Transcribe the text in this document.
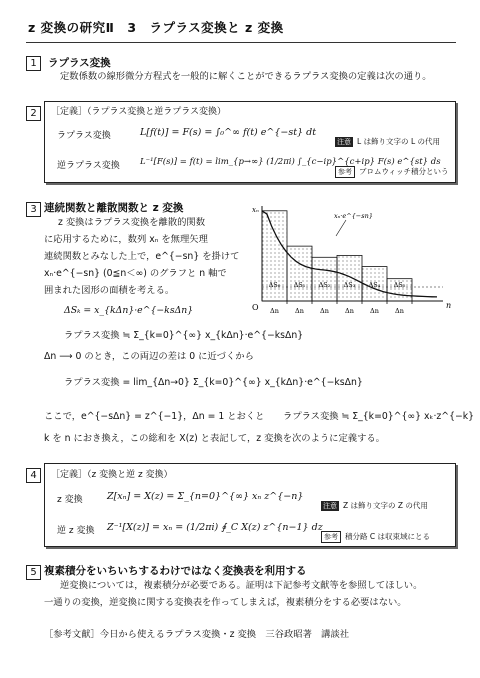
z 変換の研究Ⅱ　3　ラプラス変換と z 変換
1	ラプラス変換
定数係数の線形微分方程式を一般的に解くことができるラプラス変換の定義は次の通り。
2	［定義］（ラプラス変換と逆ラプラス変換）
ラプラス変換	L[f(t)] = F(s) = ∫₀^∞ f(t) e^{−st} dt
注意 L は飾り文字の L の代用
逆ラプラス変換 L⁻¹[F(s)] = f(t) = lim_{p→∞} (1/2πi) ∫_{c−ip}^{c+ip} F(s) e^{st} ds
参考 ブロムウィッチ積分という
3 連続関数と離散関数と z 変換
z 変換はラプラス変換を離散的関数
に応用するために，数列 xₙ を無理矢理
連続関数とみなした上で，e^{−sn} を掛けて
xₙ·e^{−sn} (0≦n＜∞) のグラフと n 軸で
囲まれた図形の面積を考える。
ΔSₖ = x_{kΔn}·e^{−ksΔn}
ラプラス変換 ≒ Σ_{k=0}^{∞} x_{kΔn}·e^{−ksΔn}
Δn ⟶ 0 のとき，この両辺の差は 0 に近づくから
ラプラス変換 = lim_{Δn→0} Σ_{k=0}^{∞} x_{kΔn}·e^{−ksΔn}
ここで，e^{−sΔn} = z^{−1}，Δn = 1 とおくと　　ラプラス変換 ≒ Σ_{k=0}^{∞} xₖ·z^{−k}
k を n におき換え，この総和を X(z) と表記して，z 変換を次のように定義する。
ΔS₀ ΔS₁ ΔS₂ ΔS₃ ΔS₄ ΔS₅
xₙ
xₙ·e^{−sn}
O	n
Δn Δn Δn Δn Δn Δn
4	［定義］（z 変換と逆 z 変換）
z 変換	Z[xₙ] = X(z) = Σ_{n=0}^{∞} xₙ z^{−n}
注意 Z は飾り文字の Z の代用
逆 z 変換 Z⁻¹[X(z)] = xₙ = (1/2πi) ∮_C X(z) z^{n−1} dz
参考 積分路 C は収束域にとる
5 複素積分をいちいちするわけではなく変換表を利用する
逆変換については，複素積分が必要である。証明は下記参考文献等を参照してほしい。
一通りの変換，逆変換に関する変換表を作ってしまえば，複素積分をする必要はない。
［参考文献］今日から使えるラプラス変換・z 変換　三谷政昭著　講談社
